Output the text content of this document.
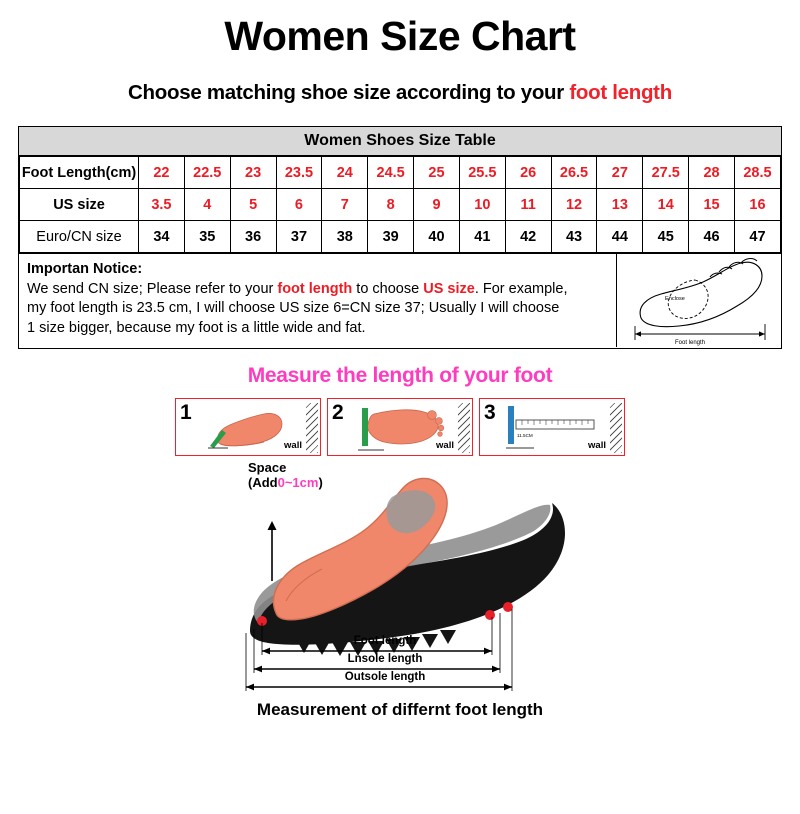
Women Size Chart
Choose matching shoe size according to your foot length
Women Shoes Size Table
Foot Length(cm)	22	22.5	23	23.5	24	24.5	25	25.5	26	26.5	27	27.5	28	28.5
US size	3.5	4	5	6	7	8	9	10	11	12	13	14	15	16
Euro/CN size	34	35	36	37	38	39	40	41	42	43	44	45	46	47
Importan Notice:
We send CN size; Please refer to your foot length to choose US size. For example,
my foot length is 23.5 cm, I will choose US size 6=CN size 37; Usually I will choose
1 size bigger, because my foot is a little wide and fat.
Enclose
Foot length
Measure the length of your foot
1
wall
2
wall
3
11.5CM
wall
Space
(Add0~1cm)
Foot length
Lnsole length
Outsole length
Measurement of differnt foot length
